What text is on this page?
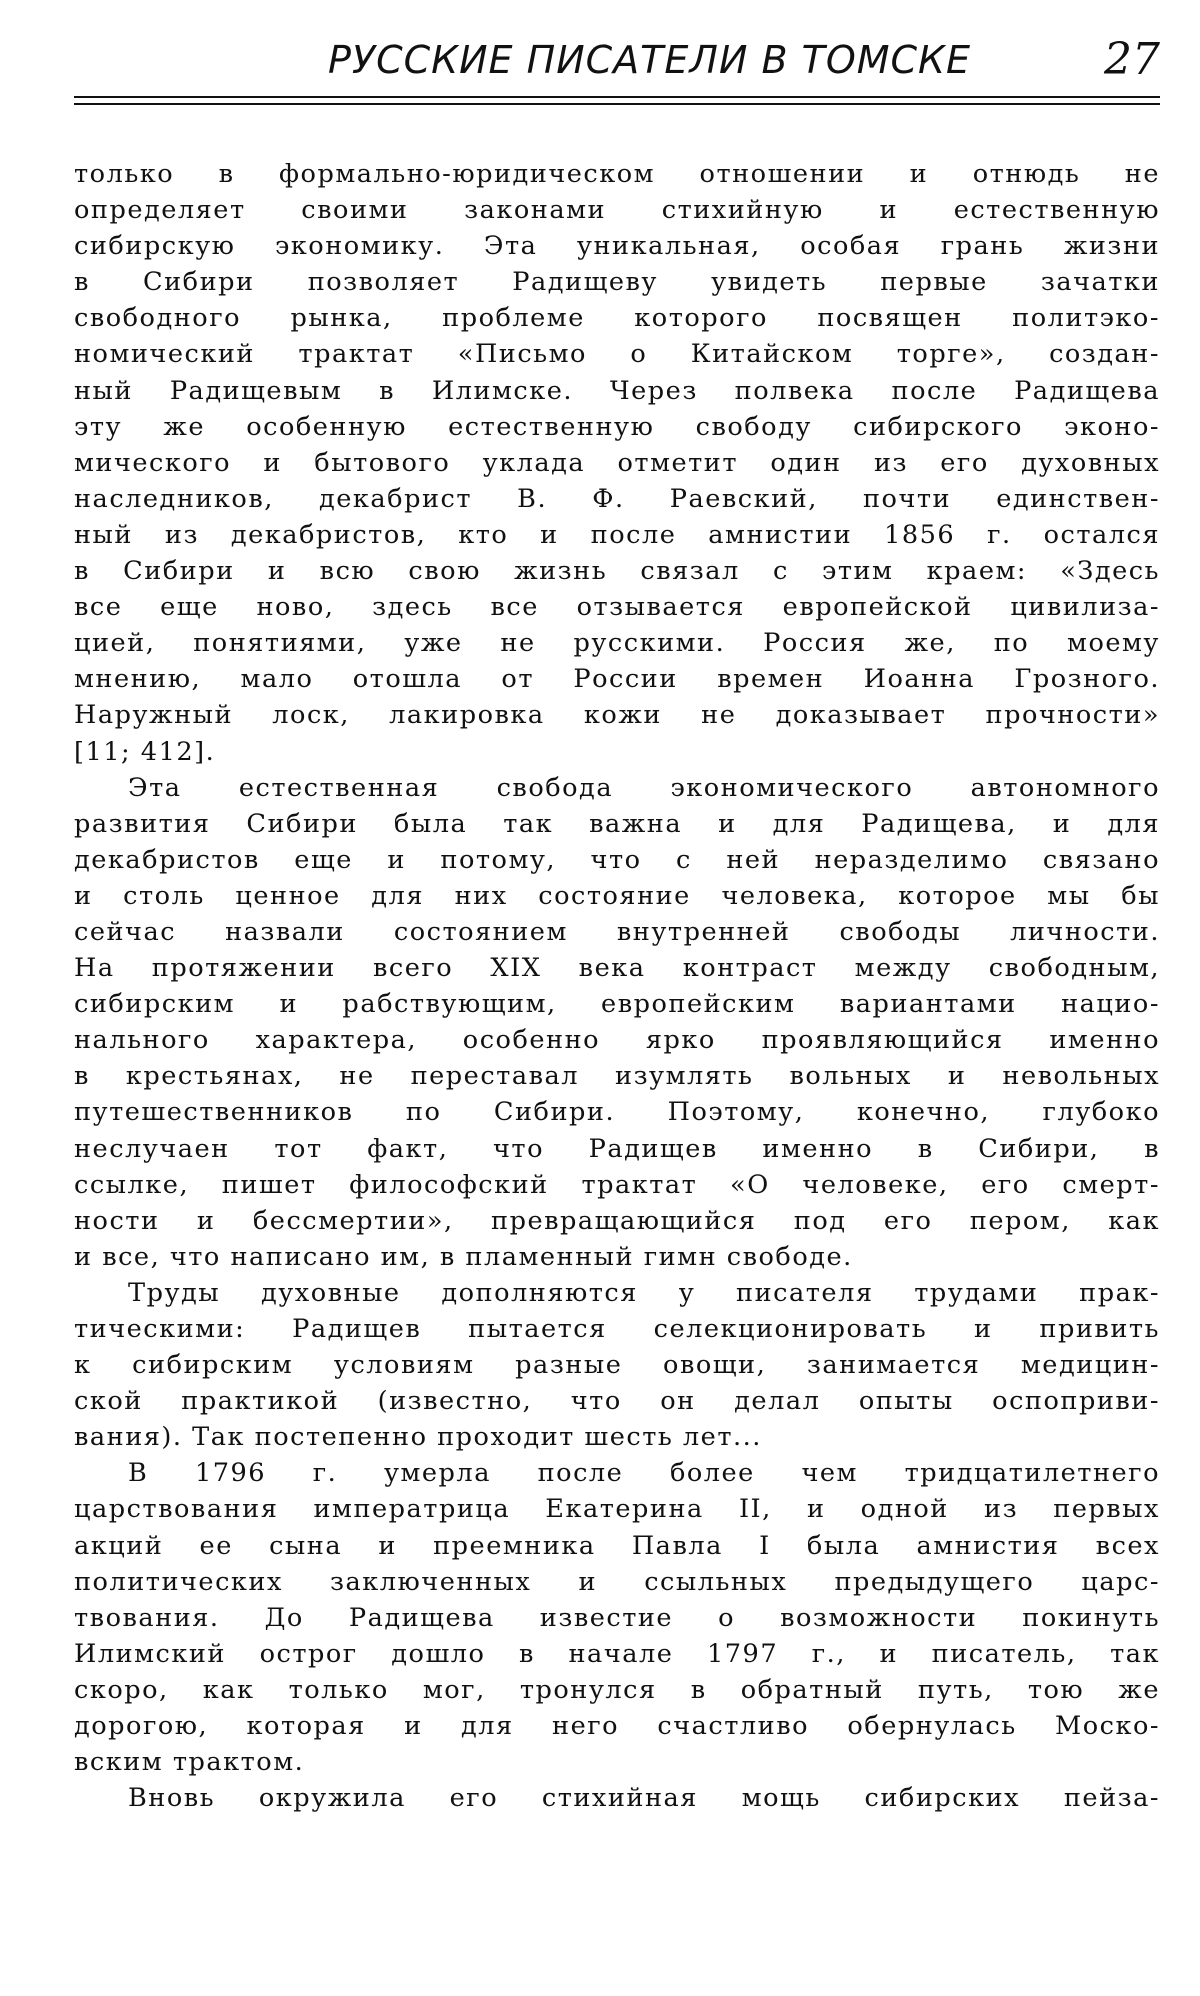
РУССКИЕ ПИСАТЕЛИ В ТОМСКЕ	27
только в формально-юридическом отношении и отнюдь не
определяет своими законами стихийную и естественную
сибирскую экономику. Эта уникальная, особая грань жизни
в Сибири позволяет Радищеву увидеть первые зачатки
свободного рынка, проблеме которого посвящен политэко-
номический трактат «Письмо о Китайском торге», создан-
ный Радищевым в Илимске. Через полвека после Радищева
эту же особенную естественную свободу сибирского эконо-
мического и бытового уклада отметит один из его духовных
наследников, декабрист В. Ф. Раевский, почти единствен-
ный из декабристов, кто и после амнистии 1856 г. остался
в Сибири и всю свою жизнь связал с этим краем: «Здесь
все еще ново, здесь все отзывается европейской цивилиза-
цией, понятиями, уже не русскими. Россия же, по моему
мнению, мало отошла от России времен Иоанна Грозного.
Наружный лоск, лакировка кожи не доказывает прочности»
[11; 412].
Эта естественная свобода экономического автономного
развития Сибири была так важна и для Радищева, и для
декабристов еще и потому, что с ней неразделимо связано
и столь ценное для них состояние человека, которое мы бы
сейчас назвали состоянием внутренней свободы личности.
На протяжении всего XIX века контраст между свободным,
сибирским и рабствующим, европейским вариантами нацио-
нального характера, особенно ярко проявляющийся именно
в крестьянах, не переставал изумлять вольных и невольных
путешественников по Сибири. Поэтому, конечно, глубоко
неслучаен тот факт, что Радищев именно в Сибири, в
ссылке, пишет философский трактат «О человеке, его смерт-
ности и бессмертии», превращающийся под его пером, как
и все, что написано им, в пламенный гимн свободе.
Труды духовные дополняются у писателя трудами прак-
тическими: Радищев пытается селекционировать и привить
к сибирским условиям разные овощи, занимается медицин-
ской практикой (известно, что он делал опыты оспоприви-
вания). Так постепенно проходит шесть лет...
В 1796 г. умерла после более чем тридцатилетнего
царствования императрица Екатерина II, и одной из первых
акций ее сына и преемника Павла I была амнистия всех
политических заключенных и ссыльных предыдущего царс-
твования. До Радищева известие о возможности покинуть
Илимский острог дошло в начале 1797 г., и писатель, так
скоро, как только мог, тронулся в обратный путь, тою же
дорогою, которая и для него счастливо обернулась Моско-
вским трактом.
Вновь окружила его стихийная мощь сибирских пейза-
